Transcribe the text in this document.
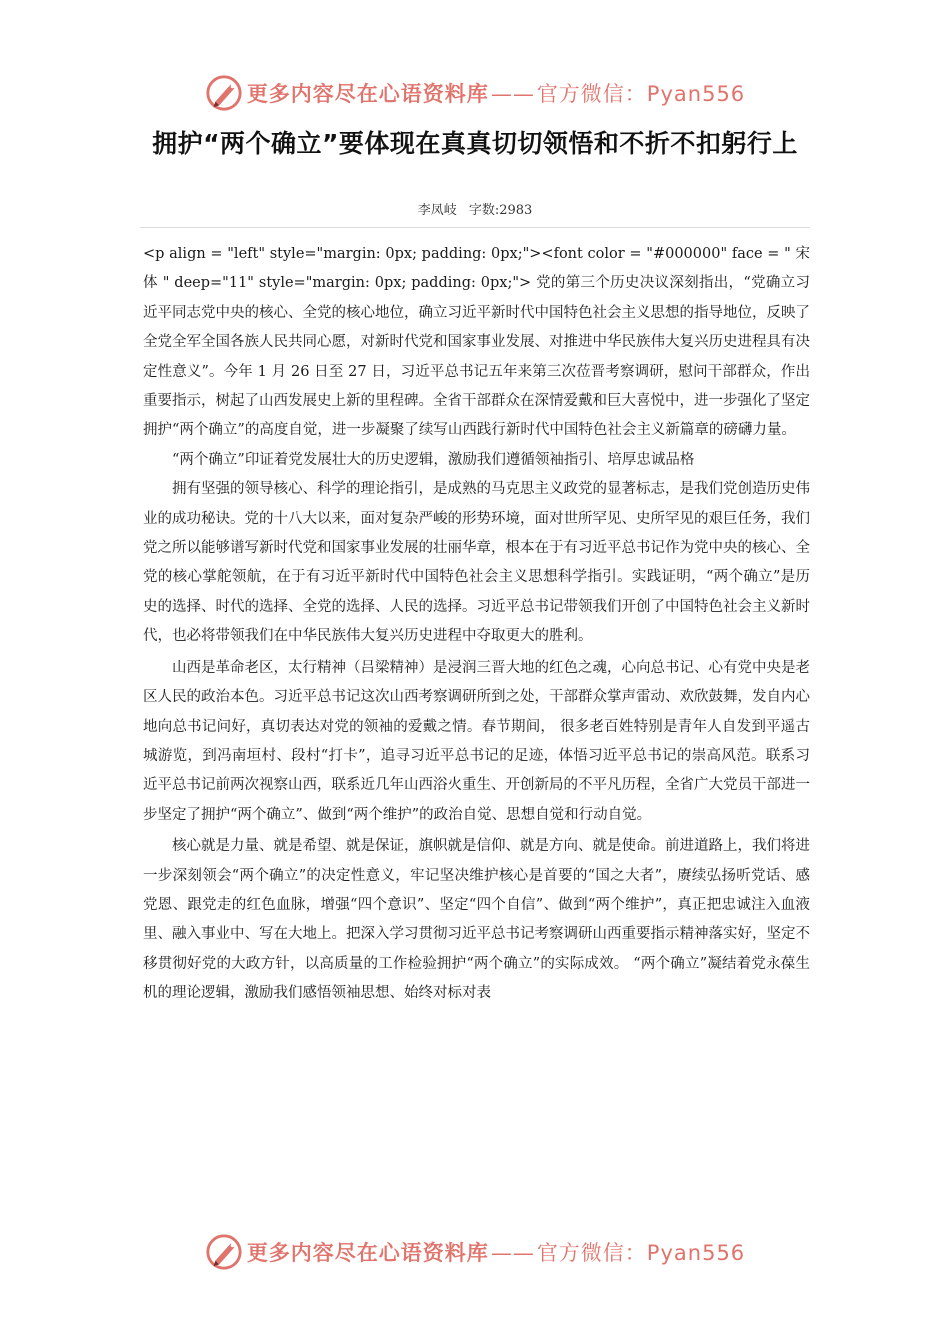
更多内容尽在心语资料库——官方微信：Pyan556
拥护“两个确立”要体现在真真切切领悟和不折不扣躬行上
李凤岐 字数:2983

<p align = "left" style="margin: 0px; padding: 0px;"><font color = "#000000" face = " 宋 体 " deep="11" style="margin: 0px; padding: 0px;"> 党的第三个历史决议深刻指出，“党确立习近平同志党中央的核心、全党的核心地位，确立习近平新时代中国特色社会主义思想的指导地位，反映了全党全军全国各族人民共同心愿，对新时代党和国家事业发展、对推进中华民族伟大复兴历史进程具有决定性意义”。今年 1 月 26 日至 27 日，习近平总书记五年来第三次莅晋考察调研，慰问干部群众，作出重要指示，树起了山西发展史上新的里程碑。全省干部群众在深情爱戴和巨大喜悦中，进一步强化了坚定拥护“两个确立”的高度自觉，进一步凝聚了续写山西践行新时代中国特色社会主义新篇章的磅礴力量。

“两个确立”印证着党发展壮大的历史逻辑，激励我们遵循领袖指引、培厚忠诚品格

拥有坚强的领导核心、科学的理论指引，是成熟的马克思主义政党的显著标志，是我们党创造历史伟业的成功秘诀。党的十八大以来，面对复杂严峻的形势环境，面对世所罕见、史所罕见的艰巨任务，我们党之所以能够谱写新时代党和国家事业发展的壮丽华章，根本在于有习近平总书记作为党中央的核心、全党的核心掌舵领航，在于有习近平新时代中国特色社会主义思想科学指引。实践证明，“两个确立”是历史的选择、时代的选择、全党的选择、人民的选择。习近平总书记带领我们开创了中国特色社会主义新时代，也必将带领我们在中华民族伟大复兴历史进程中夺取更大的胜利。

山西是革命老区，太行精神（吕梁精神）是浸润三晋大地的红色之魂，心向总书记、心有党中央是老区人民的政治本色。习近平总书记这次山西考察调研所到之处，干部群众掌声雷动、欢欣鼓舞，发自内心地向总书记问好，真切表达对党的领袖的爱戴之情。春节期间， 很多老百姓特别是青年人自发到平遥古城游览，到冯南垣村、段村“打卡”，追寻习近平总书记的足迹，体悟习近平总书记的崇高风范。联系习近平总书记前两次视察山西，联系近几年山西浴火重生、开创新局的不平凡历程，全省广大党员干部进一步坚定了拥护“两个确立”、做到“两个维护”的政治自觉、思想自觉和行动自觉。

核心就是力量、就是希望、就是保证，旗帜就是信仰、就是方向、就是使命。前进道路上，我们将进一步深刻领会“两个确立”的决定性意义，牢记坚决维护核心是首要的“国之大者”，赓续弘扬听党话、感党恩、跟党走的红色血脉，增强“四个意识”、坚定“四个自信”、做到“两个维护”，真正把忠诚注入血液里、融入事业中、写在大地上。把深入学习贯彻习近平总书记考察调研山西重要指示精神落实好，坚定不移贯彻好党的大政方针，以高质量的工作检验拥护“两个确立”的实际成效。 “两个确立”凝结着党永葆生机的理论逻辑，激励我们感悟领袖思想、始终对标对表

更多内容尽在心语资料库——官方微信：Pyan556
